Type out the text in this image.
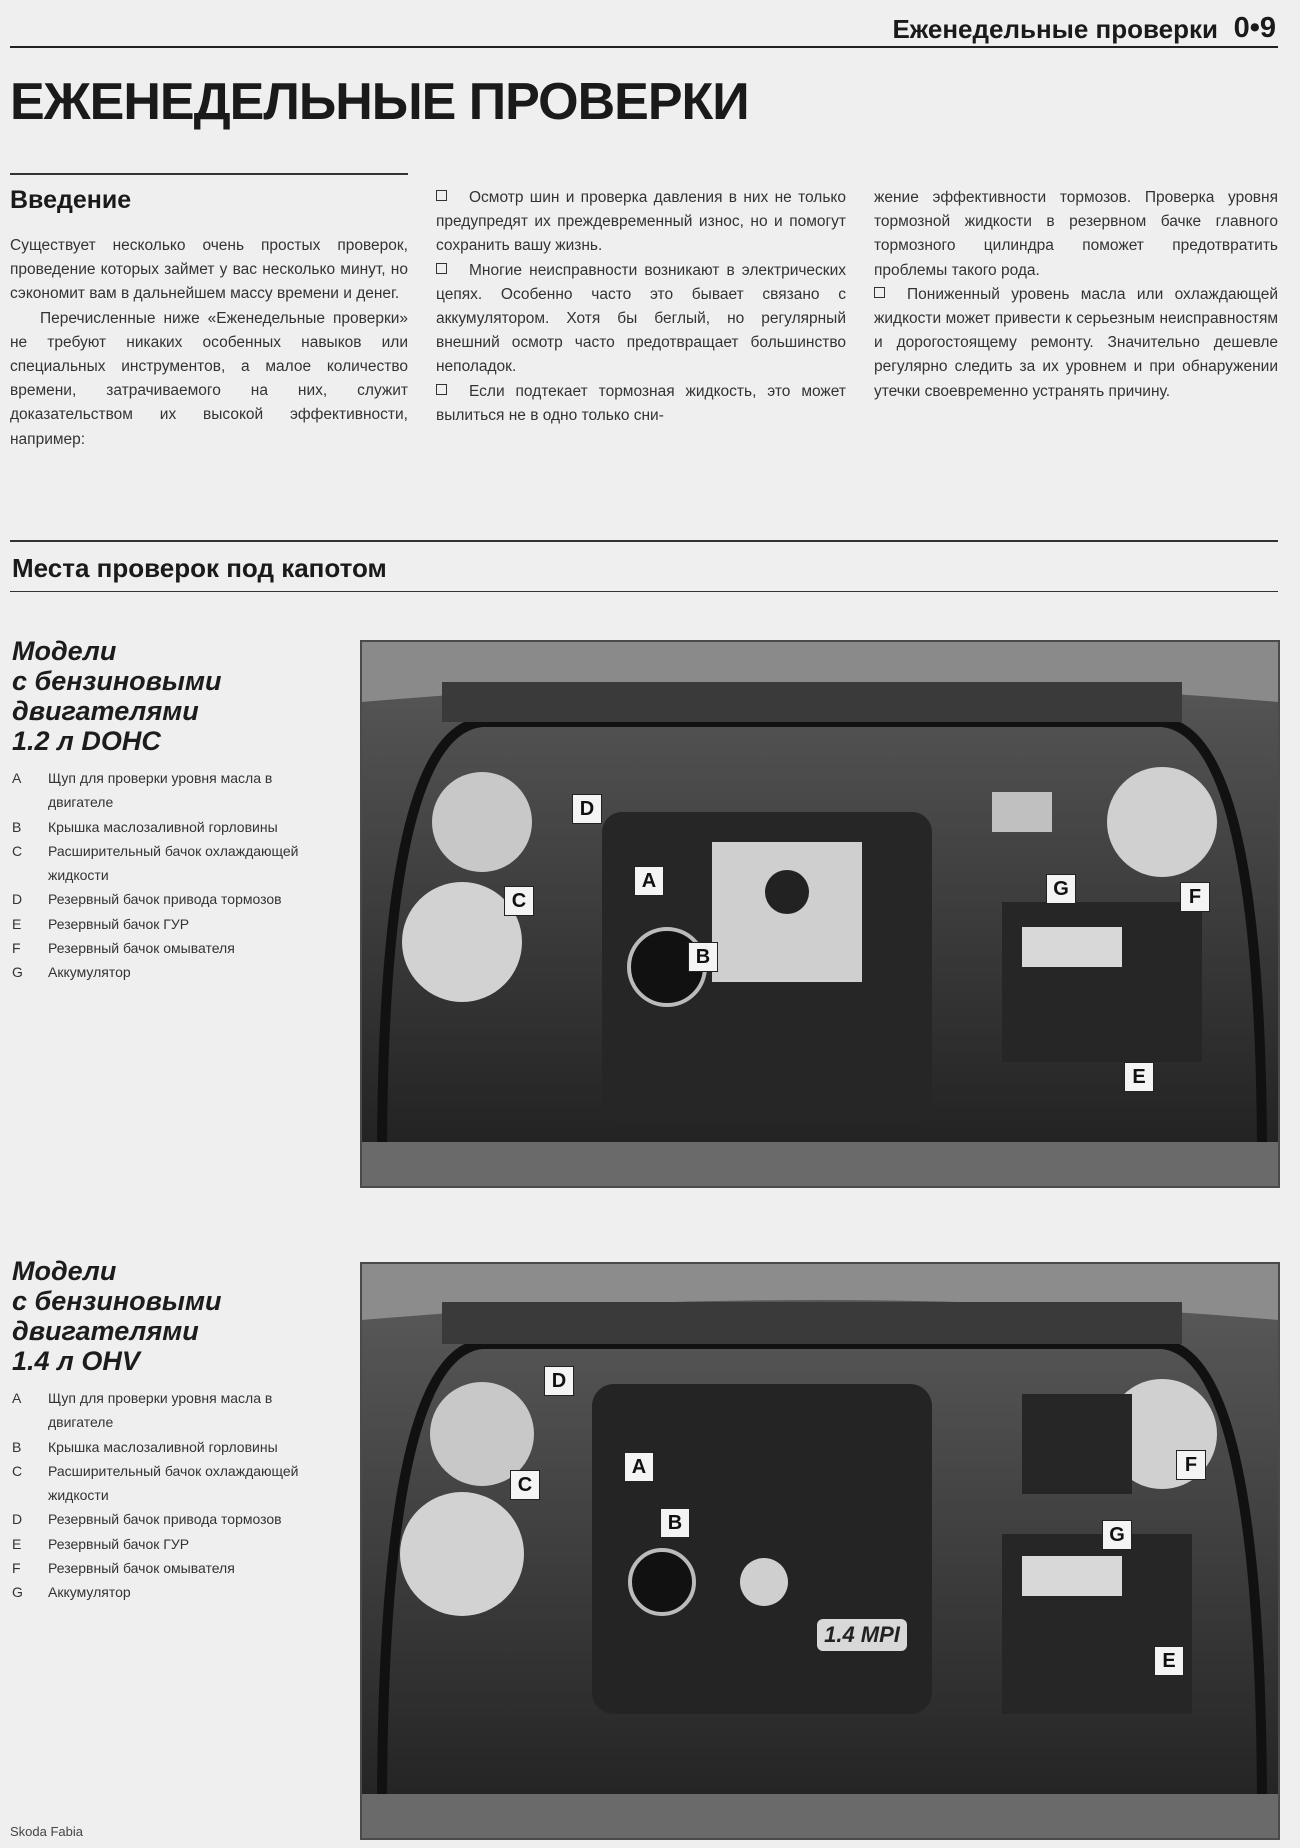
Еженедельные проверки 0•9
ЕЖЕНЕДЕЛЬНЫЕ ПРОВЕРКИ
Введение

Существует несколько очень простых проверок, проведение которых займет у вас несколько минут, но сэкономит вам в дальнейшем массу времени и денег.

Перечисленные ниже «Еженедельные проверки» не требуют никаких особенных навыков или специальных инструментов, а малое количество времени, затрачиваемого на них, служит доказательством их высокой эффективности, например:

Осмотр шин и проверка давления в них не только предупредят их преждевременный износ, но и помогут сохранить вашу жизнь.

Многие неисправности возникают в электрических цепях. Особенно часто это бывает связано с аккумулятором. Хотя бы беглый, но регулярный внешний осмотр часто предотвращает большинство неполадок.

Если подтекает тормозная жидкость, это может вылиться не в одно только сни-

жение эффективности тормозов. Проверка уровня тормозной жидкости в резервном бачке главного тормозного цилиндра поможет предотвратить проблемы такого рода.

Пониженный уровень масла или охлаждающей жидкости может привести к серьезным неисправностям и дорогостоящему ремонту. Значительно дешевле регулярно следить за их уровнем и при обнаружении утечки своевременно устранять причину.

Места проверок под капотом
Модели
с бензиновыми
двигателями
1.2 л DOHC
A	Щуп для проверки уровня масла в двигателе
B	Крышка маслозаливной горловины
C	Расширительный бачок охлаждающей жидкости
D	Резервный бачок привода тормозов
E	Резервный бачок ГУР
F	Резервный бачок омывателя
G	Аккумулятор
D
A
C
B
G	F
E
Модели
с бензиновыми
двигателями
1.4 л OHV
A	Щуп для проверки уровня масла в двигателе
B	Крышка маслозаливной горловины
C	Расширительный бачок охлаждающей жидкости
D	Резервный бачок привода тормозов
E	Резервный бачок ГУР
F	Резервный бачок омывателя
G	Аккумулятор
1.4 MPI
D
A
C
B
F
G
E
Skoda Fabia
